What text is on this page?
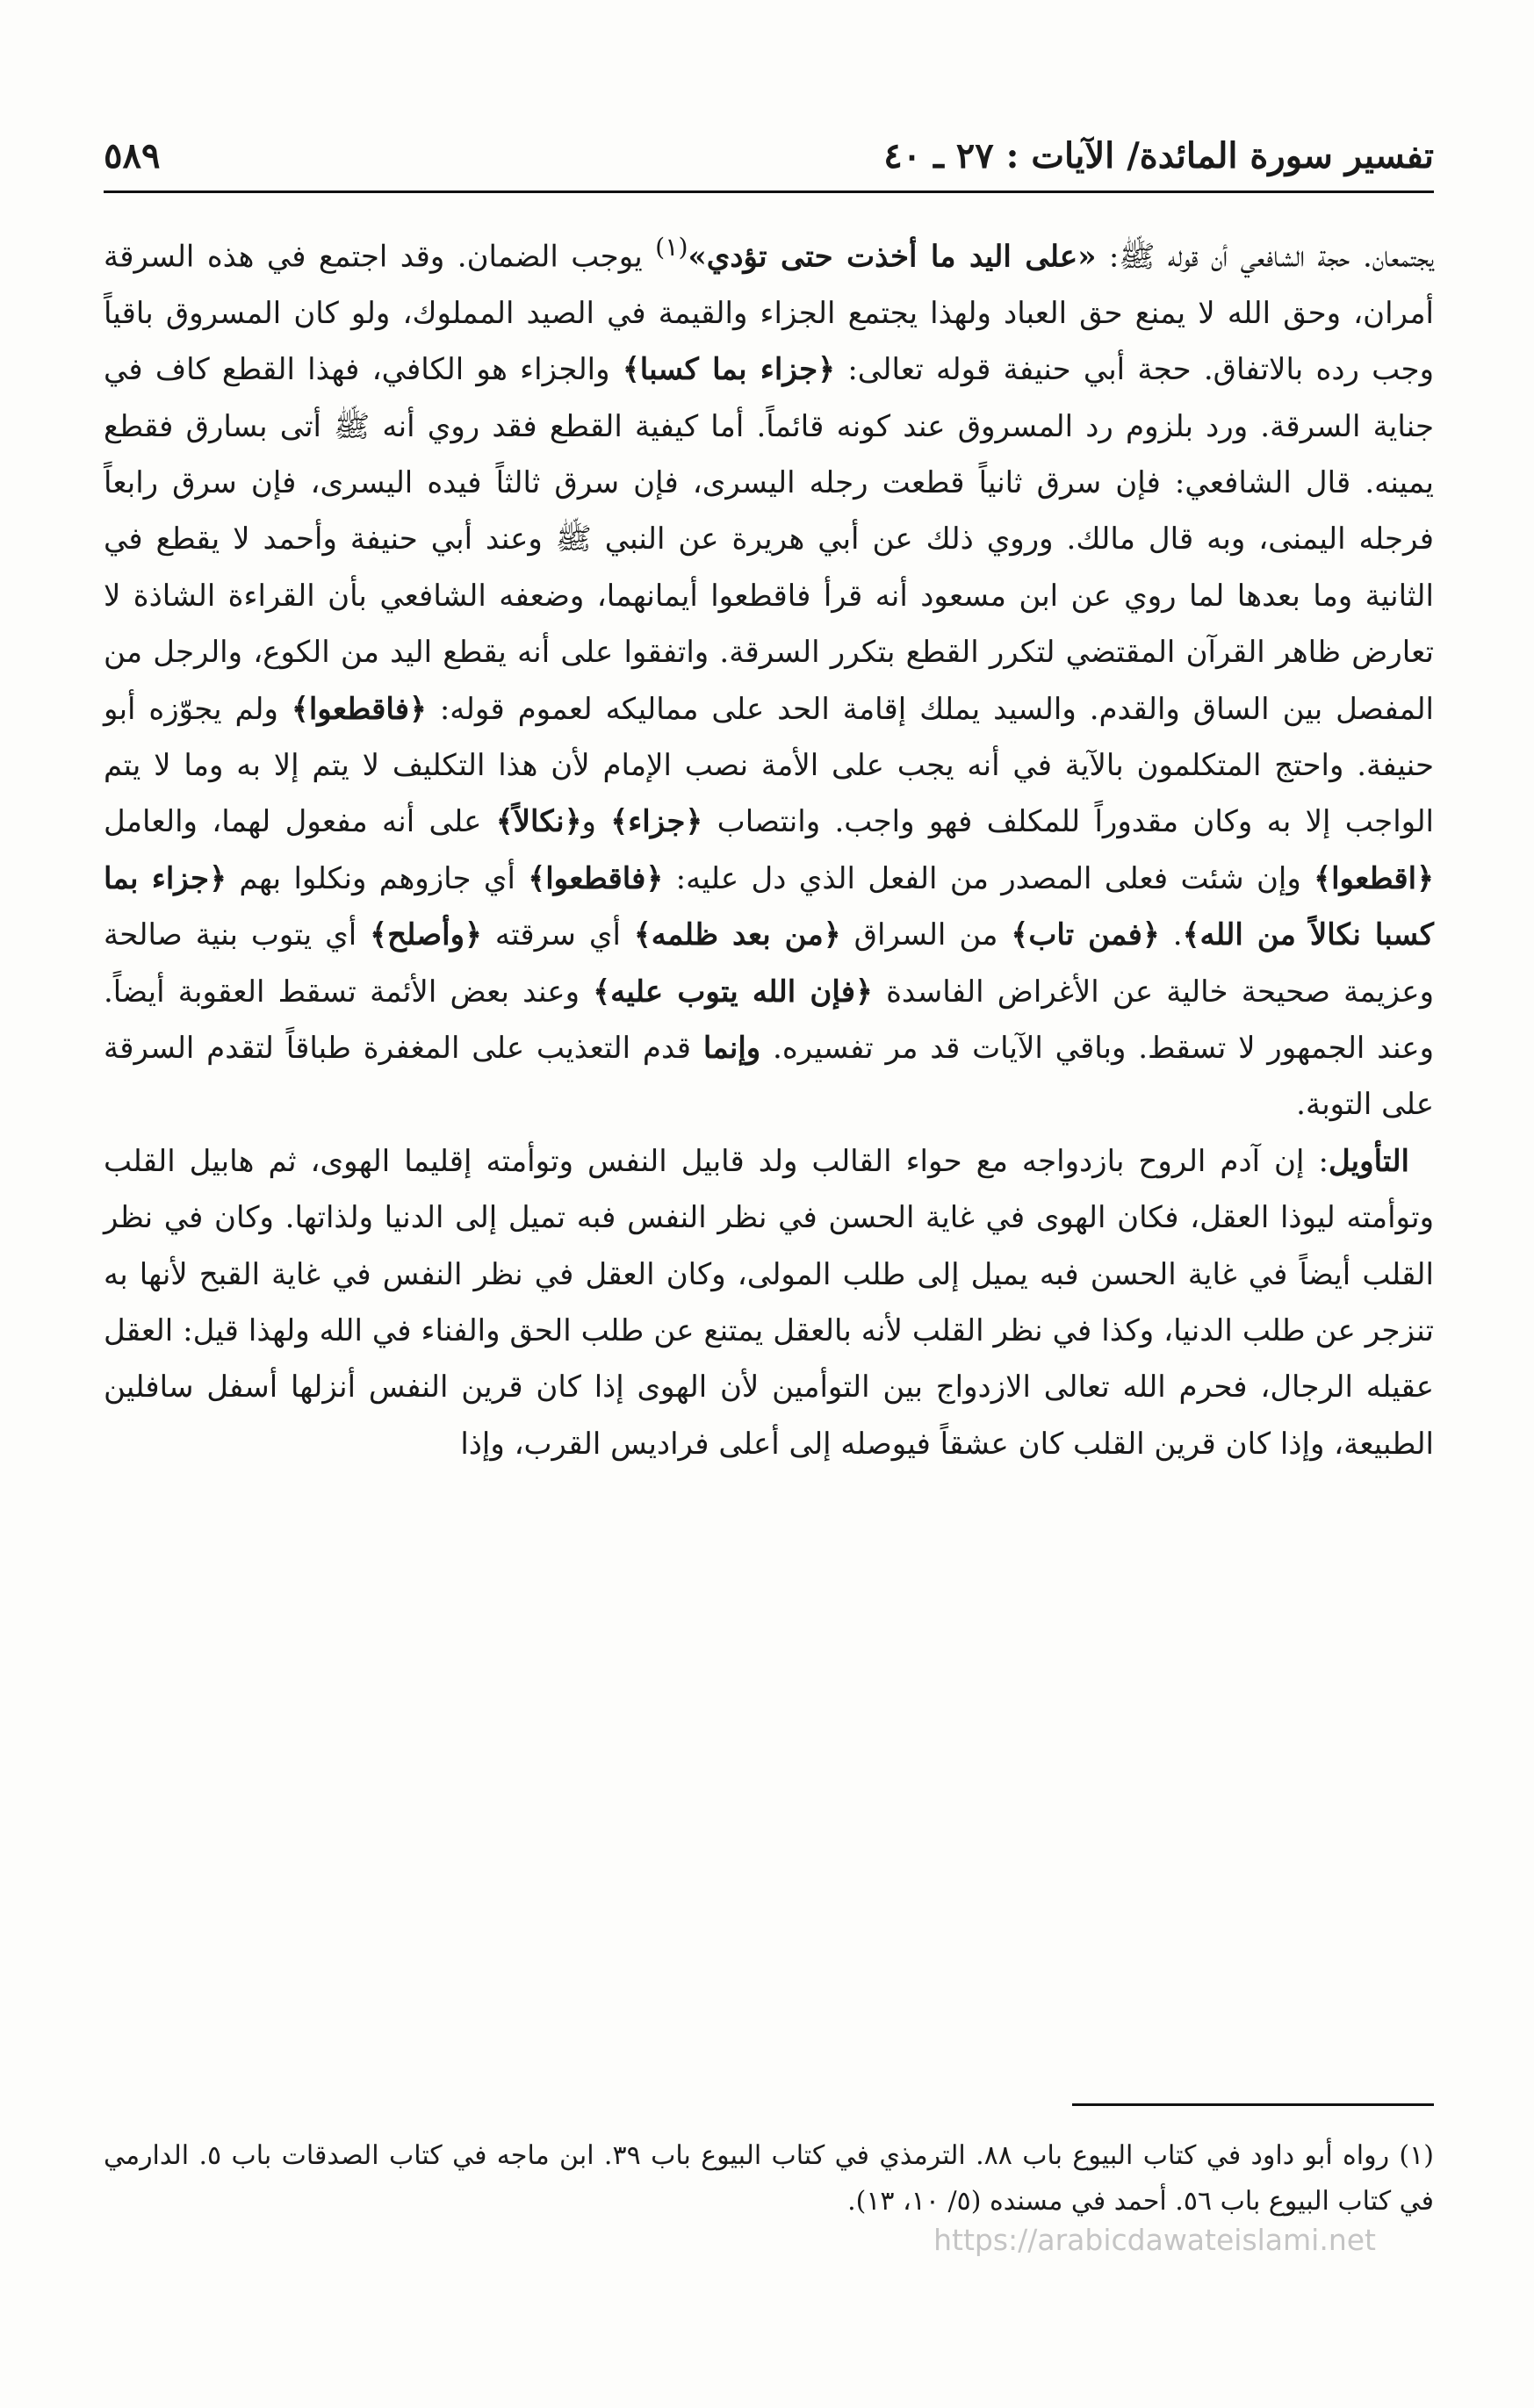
تفسير سورة المائدة/ الآيات : ٢٧ ـ ٤٠
٥٨٩

يجتمعان. حجة الشافعي أن قوله ﷺ: «على اليد ما أخذت حتى تؤدي»$^{(١)}$ يوجب الضمان. وقد اجتمع في هذه السرقة أمران، وحق الله لا يمنع حق العباد ولهذا يجتمع الجزاء والقيمة في الصيد المملوك، ولو كان المسروق باقياً وجب رده بالاتفاق. حجة أبي حنيفة قوله تعالى: ﴿جزاء بما كسبا﴾ والجزاء هو الكافي، فهذا القطع كاف في جناية السرقة. ورد بلزوم رد المسروق عند كونه قائماً. أما كيفية القطع فقد روي أنه ﷺ أتى بسارق فقطع يمينه. قال الشافعي: فإن سرق ثانياً قطعت رجله اليسرى، فإن سرق ثالثاً فيده اليسرى، فإن سرق رابعاً فرجله اليمنى، وبه قال مالك. وروي ذلك عن أبي هريرة عن النبي ﷺ وعند أبي حنيفة وأحمد لا يقطع في الثانية وما بعدها لما روي عن ابن مسعود أنه قرأ فاقطعوا أيمانهما، وضعفه الشافعي بأن القراءة الشاذة لا تعارض ظاهر القرآن المقتضي لتكرر القطع بتكرر السرقة. واتفقوا على أنه يقطع اليد من الكوع، والرجل من المفصل بين الساق والقدم. والسيد يملك إقامة الحد على مماليكه لعموم قوله: ﴿فاقطعوا﴾ ولم يجوّزه أبو حنيفة. واحتج المتكلمون بالآية في أنه يجب على الأمة نصب الإمام لأن هذا التكليف لا يتم إلا به وما لا يتم الواجب إلا به وكان مقدوراً للمكلف فهو واجب. وانتصاب ﴿جزاء﴾ و﴿نكالاً﴾ على أنه مفعول لهما، والعامل ﴿اقطعوا﴾ وإن شئت فعلى المصدر من الفعل الذي دل عليه: ﴿فاقطعوا﴾ أي جازوهم ونكلوا بهم ﴿جزاء بما كسبا نكالاً من الله﴾. ﴿فمن تاب﴾ من السراق ﴿من بعد ظلمه﴾ أي سرقته ﴿وأصلح﴾ أي يتوب بنية صالحة وعزيمة صحيحة خالية عن الأغراض الفاسدة ﴿فإن الله يتوب عليه﴾ وعند بعض الأئمة تسقط العقوبة أيضاً. وعند الجمهور لا تسقط. وباقي الآيات قد مر تفسيره. وإنما قدم التعذيب على المغفرة طباقاً لتقدم السرقة على التوبة.

التأويل: إن آدم الروح بازدواجه مع حواء القالب ولد قابيل النفس وتوأمته إقليما الهوى، ثم هابيل القلب وتوأمته ليوذا العقل، فكان الهوى في غاية الحسن في نظر النفس فبه تميل إلى الدنيا ولذاتها. وكان في نظر القلب أيضاً في غاية الحسن فبه يميل إلى طلب المولى، وكان العقل في نظر النفس في غاية القبح لأنها به تنزجر عن طلب الدنيا، وكذا في نظر القلب لأنه بالعقل يمتنع عن طلب الحق والفناء في الله ولهذا قيل: العقل عقيله الرجال، فحرم الله تعالى الازدواج بين التوأمين لأن الهوى إذا كان قرين النفس أنزلها أسفل سافلين الطبيعة، وإذا كان قرين القلب كان عشقاً فيوصله إلى أعلى فراديس القرب، وإذا

(١) رواه أبو داود في كتاب البيوع باب ٨٨. الترمذي في كتاب البيوع باب ٣٩. ابن ماجه في كتاب الصدقات باب ٥. الدارمي في كتاب البيوع باب ٥٦. أحمد في مسنده (٥/ ١٠، ١٣).

https://arabicdawateislami.net
